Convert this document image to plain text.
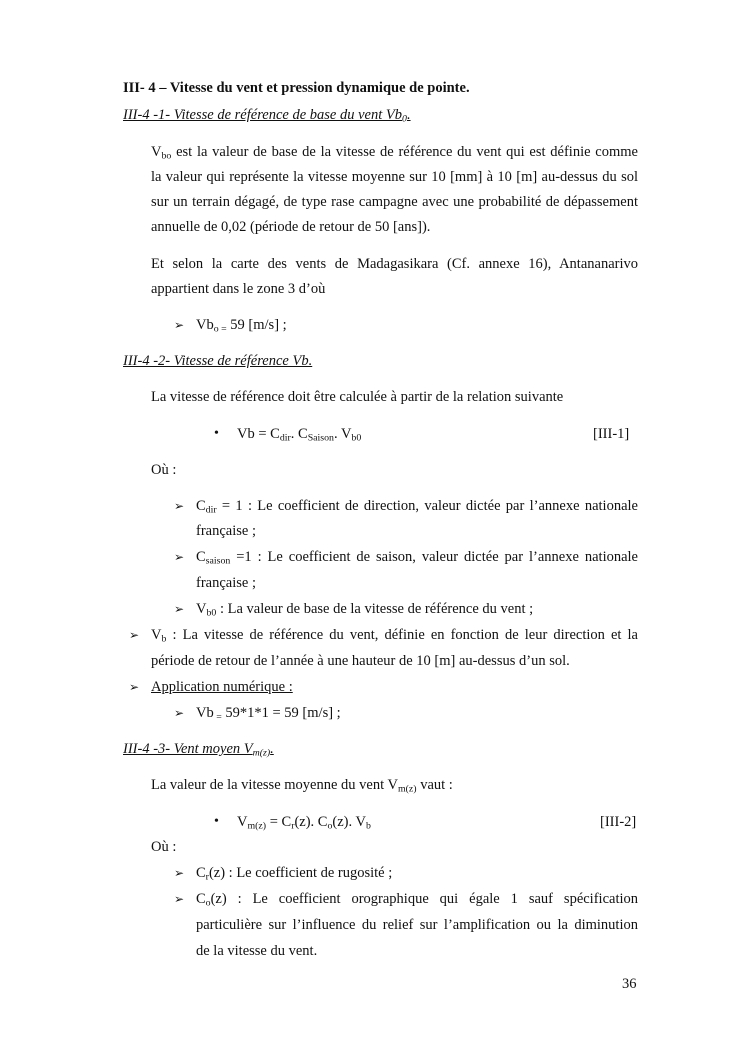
III- 4 – Vitesse du vent et pression dynamique de pointe.
III-4 -1- Vitesse de référence de base du vent $Vb_0$.
$V_{bo}$ est la valeur de base de la vitesse de référence du vent qui est définie comme
la valeur qui représente la vitesse moyenne sur 10 [mm] à 10 [m] au-dessus du sol
sur un terrain dégagé, de type rase campagne avec une probabilité de dépassement
annuelle de 0,02 (période de retour de 50 [ans]).
Et selon la carte des vents de Madagasikara (Cf. annexe 16), Antananarivo
appartient dans le zone 3 d’où
➢ $Vb_{o =}$ 59 [m/s] ;
III-4 -2- Vitesse de référence Vb.
La vitesse de référence doit être calculée à partir de la relation suivante
• $Vb = C_{dir}$. $C_{Saison}$. $V_{b0}$	[III-1]
Où :
➢ $C_{dir} = 1$ : Le coefficient de direction, valeur dictée par l’annexe nationale
française ;
➢ $C_{saison} =1$ : Le coefficient de saison, valeur dictée par l’annexe nationale
française ;
➢ $V_{b0}$ : La valeur de base de la vitesse de référence du vent ;
➢ $V_b$ : La vitesse de référence du vent, définie en fonction de leur direction et la
période de retour de l’année à une hauteur de 10 [m] au-dessus d’un sol.
➢ Application numérique :
➢ Vb $_=$ 59*1*1 = 59 [m/s] ;
III-4 -3- Vent moyen $V_{m(z)}$.
La valeur de la vitesse moyenne du vent $V_{m(z)}$ vaut :
• $V_{m(z)} = C_r(z)$. $C_o(z)$. $V_b$	[III-2]
Où :
➢ $C_r(z)$ : Le coefficient de rugosité ;
➢ $C_o(z)$ : Le coefficient orographique qui égale 1 sauf spécification
particulière sur l’influence du relief sur l’amplification ou la diminution
de la vitesse du vent.
36
